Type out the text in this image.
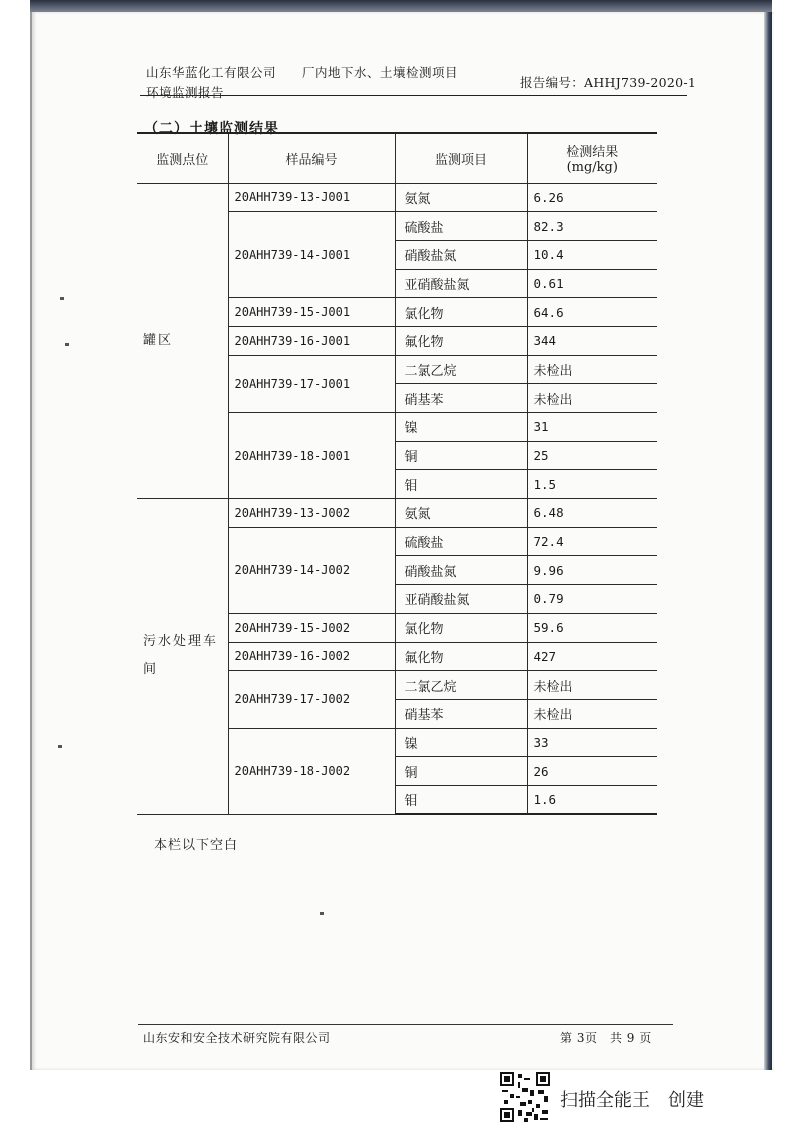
山东华蓝化工有限公司　　厂内地下水、土壤检测项目
环境监测报告
报告编号：AHHJ739-2020-1
（二）土壤监测结果
监测点位	样品编号	监测项目	检测结果
(mg/kg)

罐区	20AHH739-13-J001	氨氮	6.26
	20AHH739-14-J001	硫酸盐	82.3
		硝酸盐氮	10.4
		亚硝酸盐氮	0.61
	20AHH739-15-J001	氯化物	64.6
	20AHH739-16-J001	氟化物	344
	20AHH739-17-J001	二氯乙烷	未检出
		硝基苯	未检出
	20AHH739-18-J001	镍	31
		铜	25
		钼	1.5
污水处理车间	20AHH739-13-J002	氨氮	6.48
	20AHH739-14-J002	硫酸盐	72.4
		硝酸盐氮	9.96
		亚硝酸盐氮	0.79
	20AHH739-15-J002	氯化物	59.6
	20AHH739-16-J002	氟化物	427
	20AHH739-17-J002	二氯乙烷	未检出
		硝基苯	未检出
	20AHH739-18-J002	镍	33
		铜	26
		钼	1.6
本栏以下空白
山东安和安全技术研究院有限公司	第 3页　共 9 页
扫描全能王　创建
